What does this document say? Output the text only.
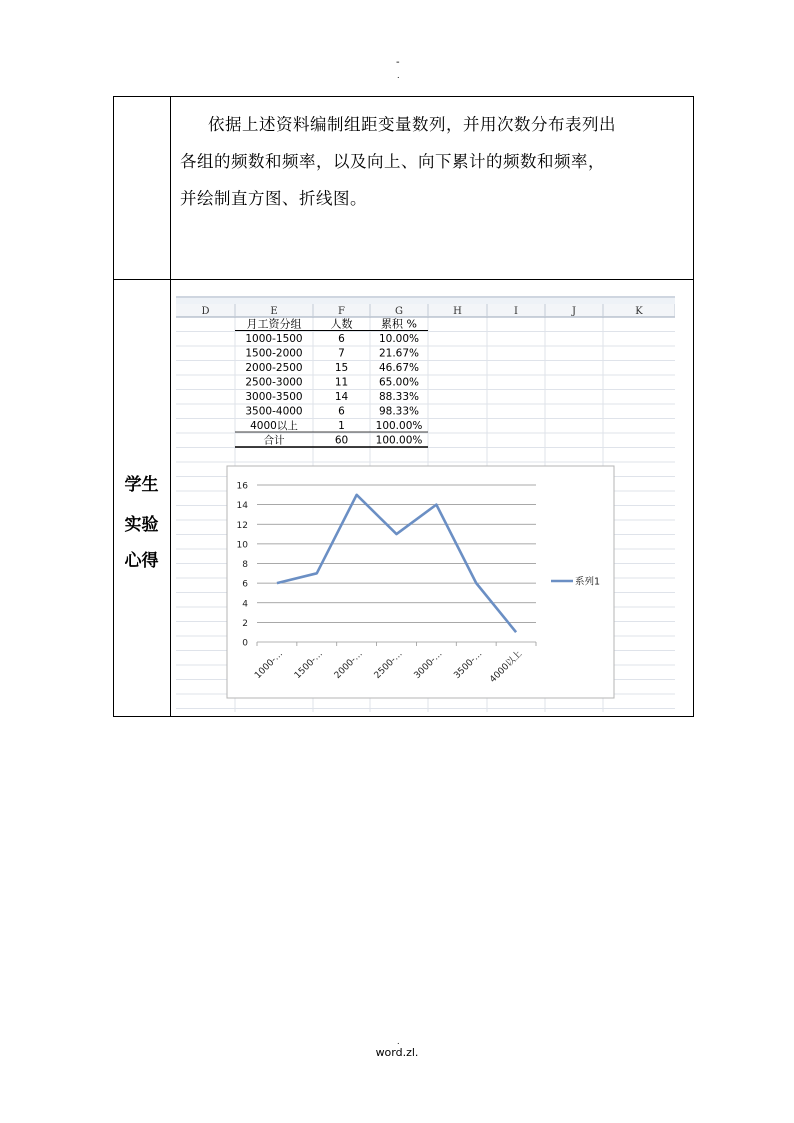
-
.

依据上述资料编制组距变量数列，并用次数分布表列出

各组的频数和频率，以及向上、向下累计的频数和频率，

并绘制直方图、折线图。

学生
实验
心得
D	E	F	G	H	I	J	K
月工资分组	人数	累积 %
1000-1500	6	10.00%
1500-2000	7	21.67%
2000-2500	15	46.67%
2500-3000	11	65.00%
3000-3500	14	88.33%
3500-4000	6	98.33%
4000以上	1	100.00%
合计	60	100.00%
0
2
4
6
8
10
12
14
16
1000-… 1500-… 2000-… 2500-… 3000-… 3500-… 4000以上
系列1
.
word.zl.
